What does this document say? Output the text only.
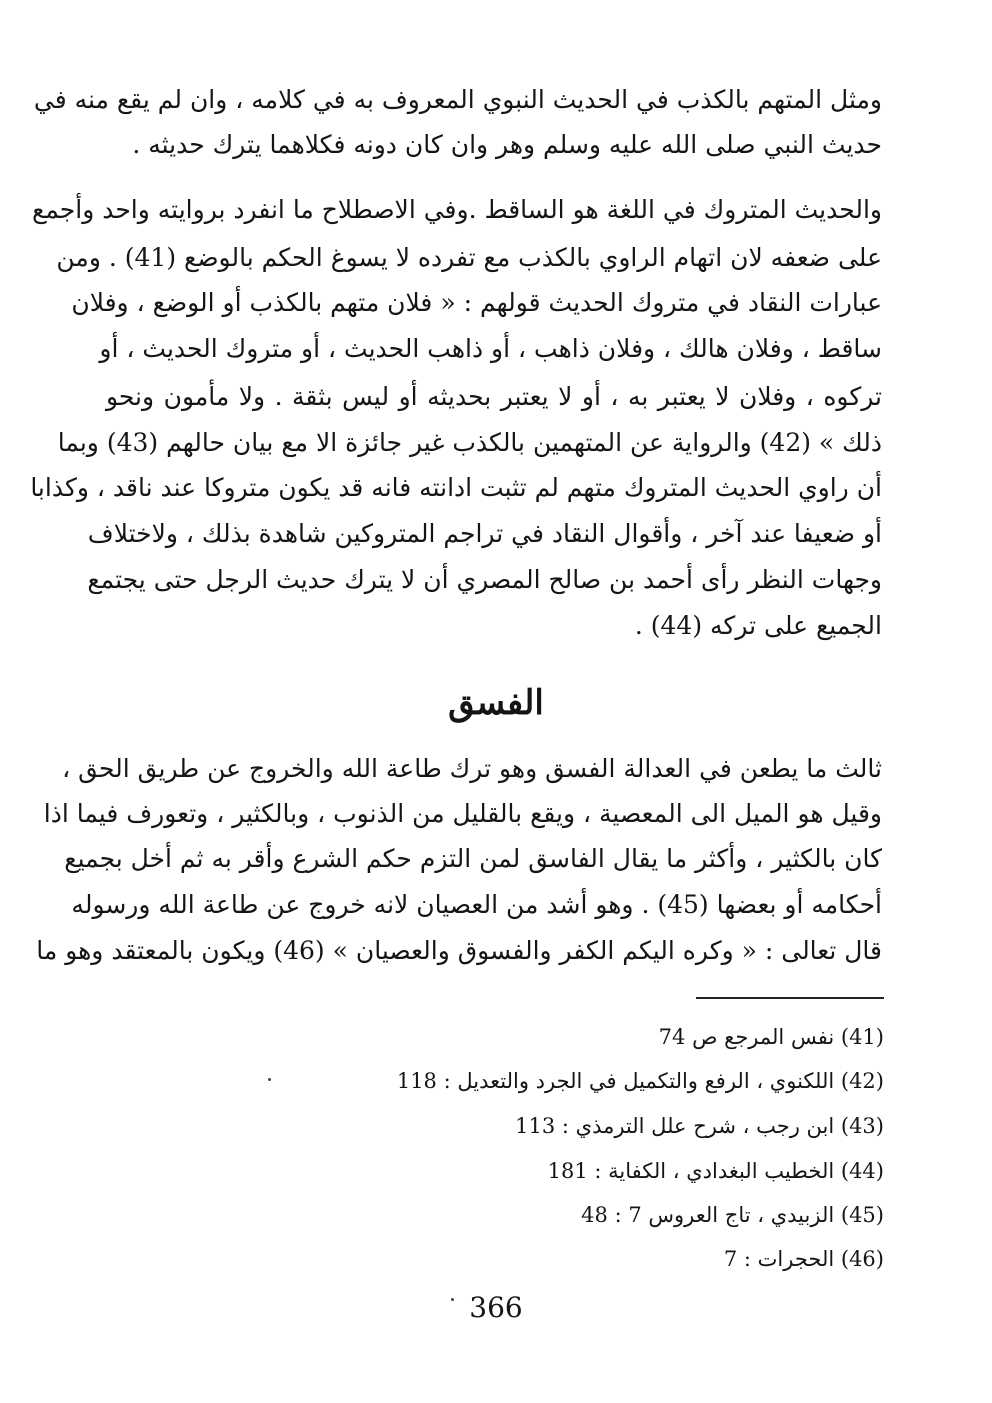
ومثل المتهم بالكذب في الحديث النبوي المعروف به في كلامه ، وان لم يقع منه في
حديث النبي صلى الله عليه وسلم وهر وان كان دونه فكلاهما يترك حديثه .
والحديث المتروك في اللغة هو الساقط .وفي الاصطلاح ما انفرد بروايته واحد وأجمع
على ضعفه لان اتهام الراوي بالكذب مع تفرده لا يسوغ الحكم بالوضع (41) . ومن
عبارات النقاد في متروك الحديث قولهم : « فلان متهم بالكذب أو الوضع ، وفلان
ساقط ، وفلان هالك ، وفلان ذاهب ، أو ذاهب الحديث ، أو متروك الحديث ، أو
تركوه ، وفلان لا يعتبر به ، أو لا يعتبر بحديثه أو ليس بثقة . ولا مأمون ونحو
ذلك » (42) والرواية عن المتهمين بالكذب غير جائزة الا مع بيان حالهم (43) وبما
أن راوي الحديث المتروك متهم لم تثبت ادانته فانه قد يكون متروكا عند ناقد ، وكذابا
أو ضعيفا عند آخر ، وأقوال النقاد في تراجم المتروكين شاهدة بذلك ، ولاختلاف
وجهات النظر رأى أحمد بن صالح المصري أن لا يترك حديث الرجل حتى يجتمع
الجميع على تركه (44) .
الفسق
ثالث ما يطعن في العدالة الفسق وهو ترك طاعة الله والخروج عن طريق الحق ،
وقيل هو الميل الى المعصية ، ويقع بالقليل من الذنوب ، وبالكثير ، وتعورف فيما اذا
كان بالكثير ، وأكثر ما يقال الفاسق لمن التزم حكم الشرع وأقر به ثم أخل بجميع
أحكامه أو بعضها (45) . وهو أشد من العصيان لانه خروج عن طاعة الله ورسوله
قال تعالى : « وكره اليكم الكفر والفسوق والعصيان » (46) ويكون بالمعتقد وهو ما
(41) نفس المرجع ص 74
(42) اللكنوي ، الرفع والتكميل في الجرد والتعديل : 118
(43) ابن رجب ، شرح علل الترمذي : 113
(44) الخطيب البغدادي ، الكفاية : 181
(45) الزبيدي ، تاج العروس 7 : 48
(46) الحجرات : 7
366
